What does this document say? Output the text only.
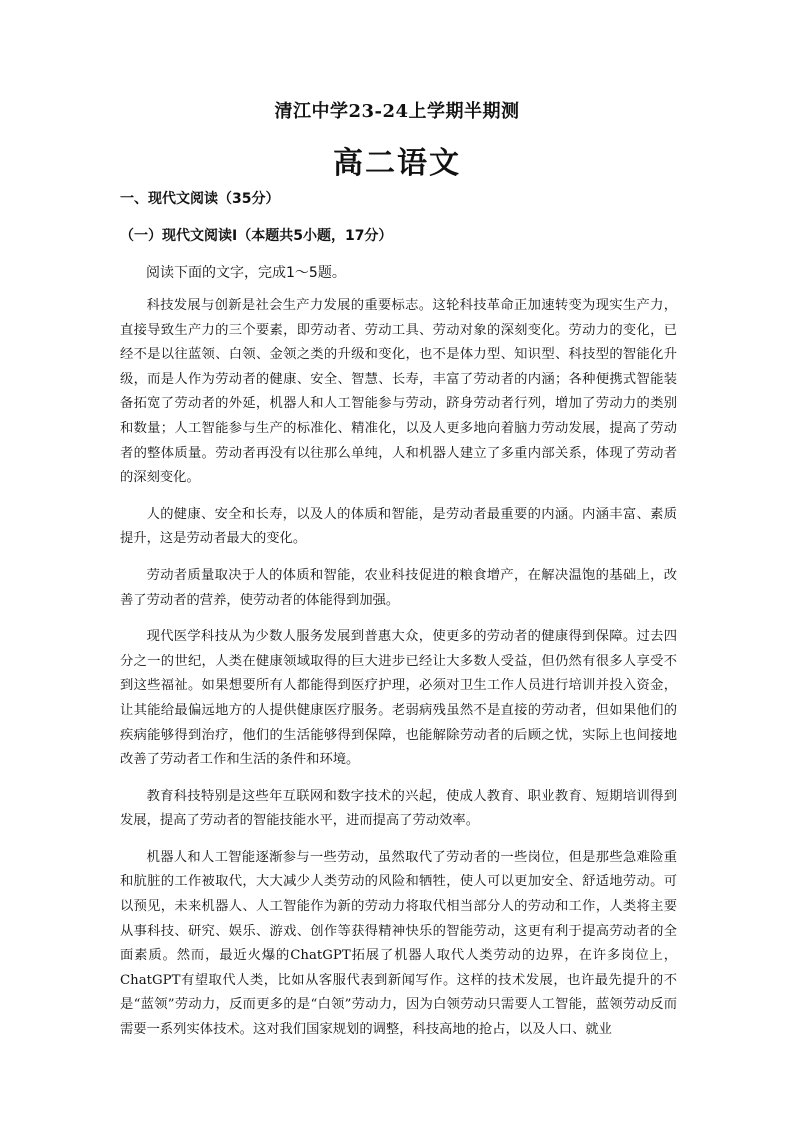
清江中学23-24上学期半期测
高二语文
一、现代文阅读（35分）
（一）现代文阅读Ⅰ（本题共5小题，17分）
阅读下面的文字，完成1～5题。

科技发展与创新是社会生产力发展的重要标志。这轮科技革命正加速转变为现实生产力，直接导致生产力的三个要素，即劳动者、劳动工具、劳动对象的深刻变化。劳动力的变化，已经不是以往蓝领、白领、金领之类的升级和变化，也不是体力型、知识型、科技型的智能化升级，而是人作为劳动者的健康、安全、智慧、长寿，丰富了劳动者的内涵；各种便携式智能装备拓宽了劳动者的外延，机器人和人工智能参与劳动，跻身劳动者行列，增加了劳动力的类别和数量；人工智能参与生产的标准化、精准化，以及人更多地向着脑力劳动发展，提高了劳动者的整体质量。劳动者再没有以往那么单纯，人和机器人建立了多重内部关系，体现了劳动者的深刻变化。

人的健康、安全和长寿，以及人的体质和智能，是劳动者最重要的内涵。内涵丰富、素质提升，这是劳动者最大的变化。

劳动者质量取决于人的体质和智能，农业科技促进的粮食增产，在解决温饱的基础上，改善了劳动者的营养，使劳动者的体能得到加强。

现代医学科技从为少数人服务发展到普惠大众，使更多的劳动者的健康得到保障。过去四分之一的世纪，人类在健康领域取得的巨大进步已经让大多数人受益，但仍然有很多人享受不到这些福祉。如果想要所有人都能得到医疗护理，必须对卫生工作人员进行培训并投入资金，让其能给最偏远地方的人提供健康医疗服务。老弱病残虽然不是直接的劳动者，但如果他们的疾病能够得到治疗，他们的生活能够得到保障，也能解除劳动者的后顾之忧，实际上也间接地改善了劳动者工作和生活的条件和环境。

教育科技特别是这些年互联网和数字技术的兴起，使成人教育、职业教育、短期培训得到发展，提高了劳动者的智能技能水平，进而提高了劳动效率。

机器人和人工智能逐渐参与一些劳动，虽然取代了劳动者的一些岗位，但是那些急难险重和肮脏的工作被取代，大大减少人类劳动的风险和牺牲，使人可以更加安全、舒适地劳动。可以预见，未来机器人、人工智能作为新的劳动力将取代相当部分人的劳动和工作，人类将主要从事科技、研究、娱乐、游戏、创作等获得精神快乐的智能劳动，这更有利于提高劳动者的全面素质。然而，最近火爆的ChatGPT拓展了机器人取代人类劳动的边界，在许多岗位上，ChatGPT有望取代人类，比如从客服代表到新闻写作。这样的技术发展，也许最先提升的不是“蓝领”劳动力，反而更多的是“白领”劳动力，因为白领劳动只需要人工智能，蓝领劳动反而需要一系列实体技术。这对我们国家规划的调整，科技高地的抢占，以及人口、就业
